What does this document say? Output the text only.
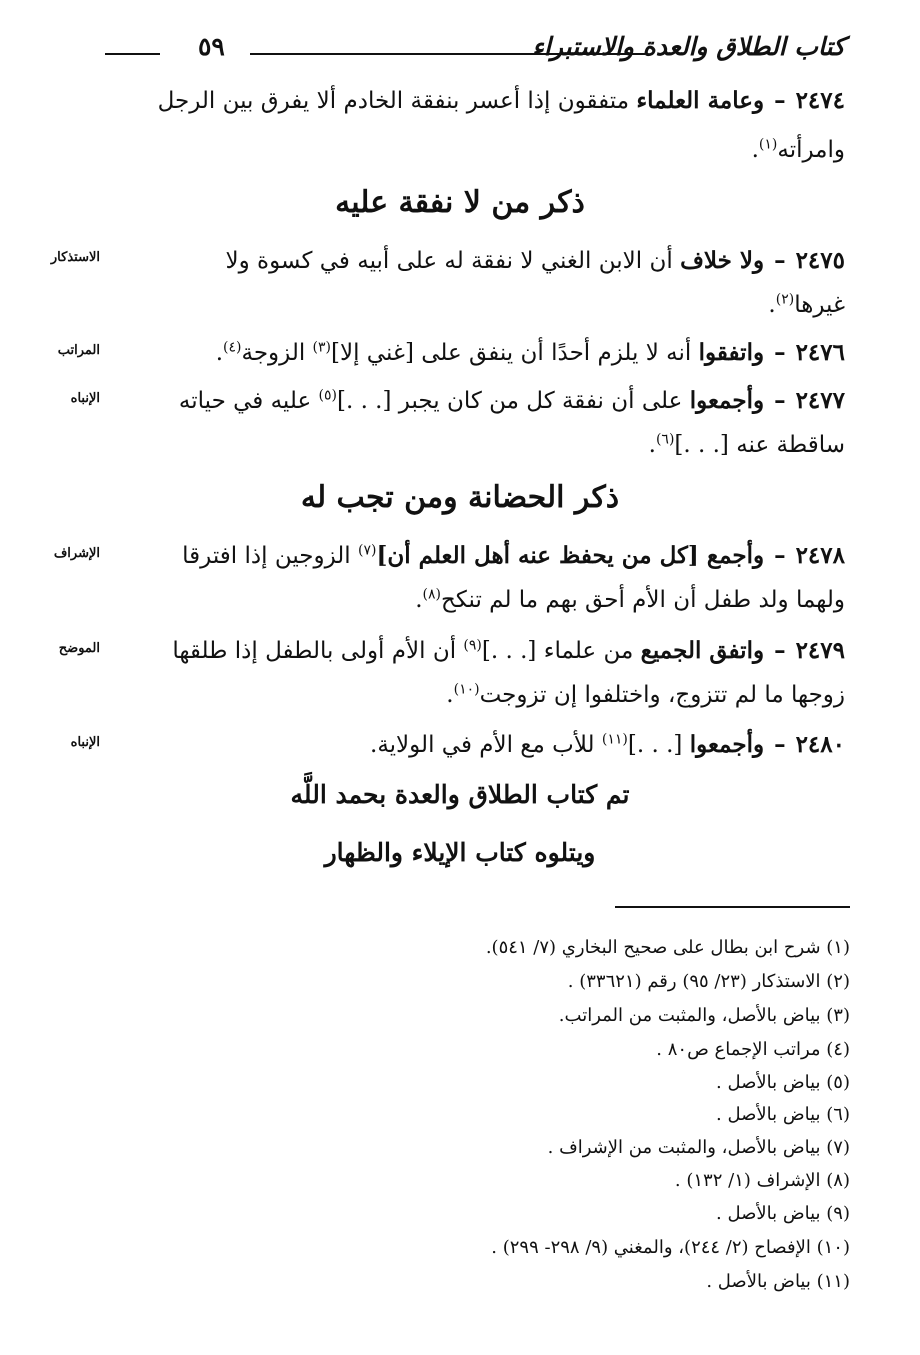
كتاب الطلاق والعدة والاستبراء
٥٩

٢٤٧٤–وعامة العلماء متفقون إذا أعسر بنفقة الخادم ألا يفرق بين الرجل

وامرأته$^{(١)}$.

ذكر من لا نفقة عليه

٢٤٧٥–ولا خلاف أن الابن الغني لا نفقة له على أبيه في كسوة ولا

الاستذكار

غيرها$^{(٢)}$.

٢٤٧٦–واتفقوا أنه لا يلزم أحدًا أن ينفق على [غني إلا]$^{(٣)}$ الزوجة$^{(٤)}$.

المراتب

٢٤٧٧–وأجمعوا على أن نفقة كل من كان يجبر [. . .]$^{(٥)}$ عليه في حياته

الإنباه

ساقطة عنه [. . .]$^{(٦)}$.

ذكر الحضانة ومن تجب له

٢٤٧٨–وأجمع [كل من يحفظ عنه أهل العلم أن]$^{(٧)}$ الزوجين إذا افترقا

الإشراف

ولهما ولد طفل أن الأم أحق بهم ما لم تنكح$^{(٨)}$.

٢٤٧٩–واتفق الجميع من علماء [. . .]$^{(٩)}$ أن الأم أولى بالطفل إذا طلقها

الموضح

زوجها ما لم تتزوج، واختلفوا إن تزوجت$^{(١٠)}$.

٢٤٨٠–وأجمعوا [. . .]$^{(١١)}$ للأب مع الأم في الولاية.

الإنباه

تم كتاب الطلاق والعدة بحمد اللَّه

ويتلوه كتاب الإيلاء والظهار

(١) شرح ابن بطال على صحيح البخاري (٧/ ٥٤١).

(٢) الاستذكار (٢٣/ ٩٥) رقم (٣٣٦٢١) .

(٣) بياض بالأصل، والمثبت من المراتب.

(٤) مراتب الإجماع ص٨٠ .

(٥) بياض بالأصل .

(٦) بياض بالأصل .

(٧) بياض بالأصل، والمثبت من الإشراف .

(٨) الإشراف (١/ ١٣٢) .

(٩) بياض بالأصل .

(١٠) الإفصاح (٢/ ٢٤٤)، والمغني (٩/ ٢٩٨- ٢٩٩) .

(١١) بياض بالأصل .
